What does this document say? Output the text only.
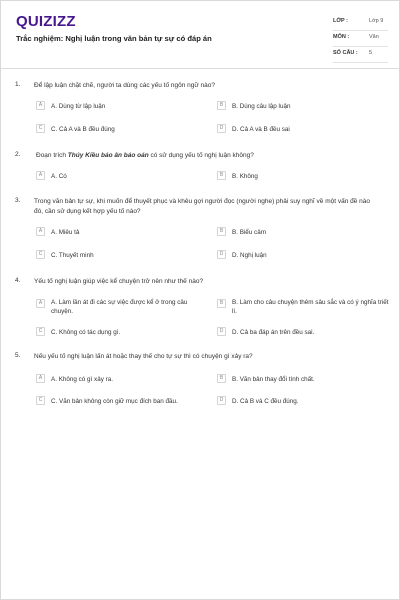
QUIZIZZ
Trắc nghiệm: Nghị luận trong văn bản tự sự có đáp án
LỚP :	Lớp 9
MÔN :	Văn
SỐ CÂU : 5
1. Để lập luận chặt chẽ, người ta dùng các yếu tố ngôn ngữ nào?
A	A. Dùng từ lập luận	B	B. Dùng câu lập luận
C	C. Cả A và B đều đúng	D	D. Cả A và B đều sai
2. Đoạn trích Thúy Kiều báo ân báo oán có sử dụng yếu tố nghị luận không?
A	A. Có	B	B. Không
3. Trong văn bản tự sự, khi muốn để thuyết phục và khêu gợi người đọc (người nghe) phải suy nghĩ về một vấn đề nào đó, cần sử dụng kết hợp yếu tố nào?
A	A. Miêu tả	B	B. Biểu cảm
C	C. Thuyết minh	D	D. Nghị luận
4. Yếu tố nghị luận giúp việc kể chuyện trở nên như thế nào?
A	A. Làm lần át đi các sự việc được kể ở trong câu chuyện.
B	B. Làm cho câu chuyện thêm sâu sắc và có ý nghĩa triết lí.
C	C. Không có tác dụng gì.	D	D. Cả ba đáp án trên đều sai.
5. Nếu yếu tố nghị luận lấn át hoặc thay thế cho tự sự thì có chuyện gì xảy ra?
A	A. Không có gì xảy ra.	B	B. Văn bản thay đổi tính chất.
C	C. Văn bản không còn giữ mục đích ban đầu.	D	D. Cả B và C đều đúng.
